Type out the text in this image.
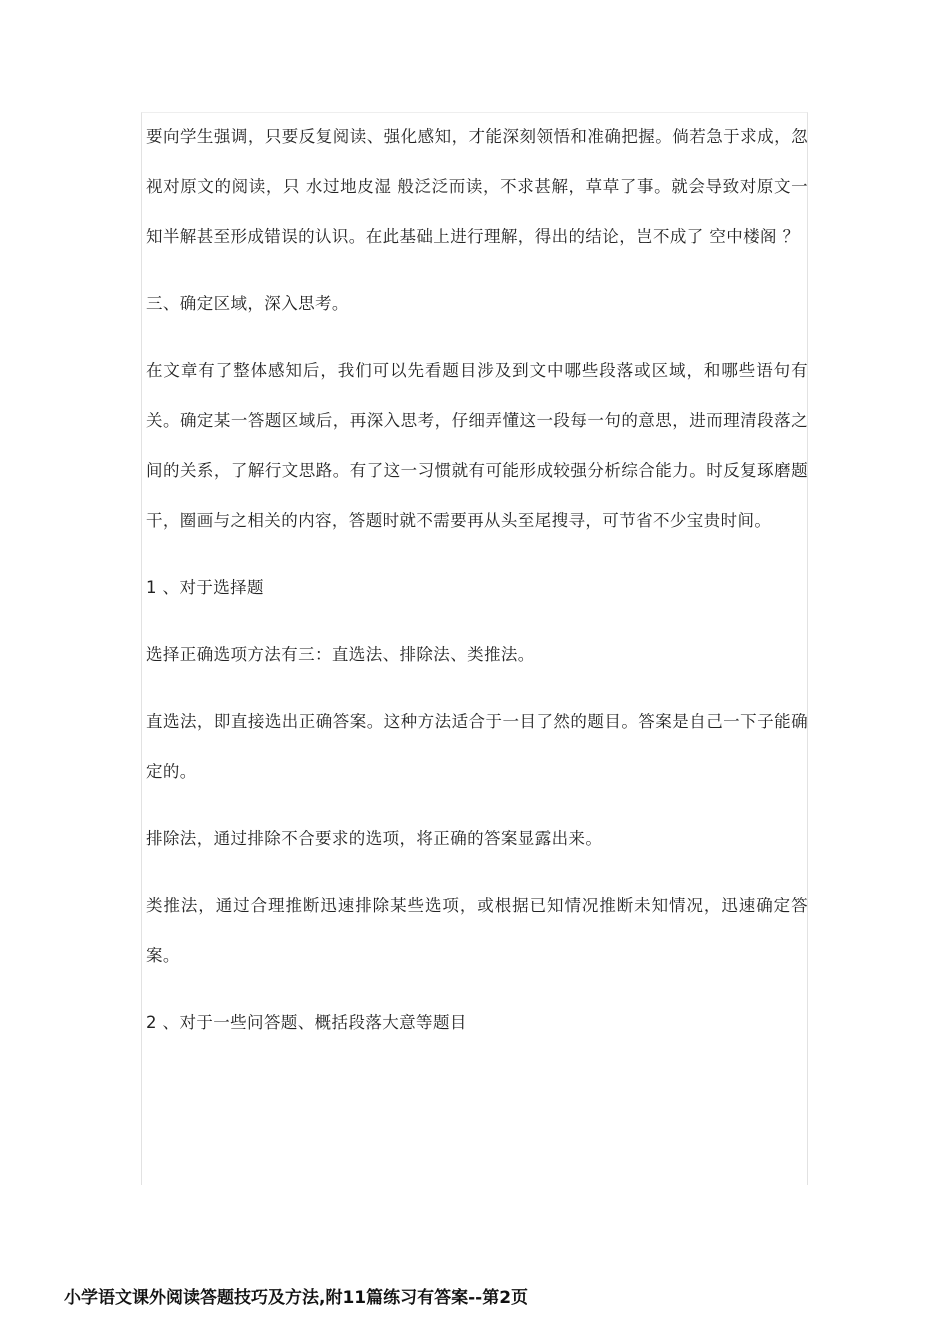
要向学生强调，只要反复阅读、强化感知，才能深刻领悟和准确把握。倘若急于求成，忽视对原文的阅读，只 水过地皮湿 般泛泛而读，不求甚解，草草了事。就会导致对原文一知半解甚至形成错误的认识。在此基础上进行理解，得出的结论，岂不成了 空中楼阁 ？

三、确定区域，深入思考。

在文章有了整体感知后，我们可以先看题目涉及到文中哪些段落或区域，和哪些语句有关。确定某一答题区域后，再深入思考，仔细弄懂这一段每一句的意思，进而理清段落之间的关系，了解行文思路。有了这一习惯就有可能形成较强分析综合能力。时反复琢磨题干，圈画与之相关的内容，答题时就不需要再从头至尾搜寻，可节省不少宝贵时间。

1 、对于选择题

选择正确选项方法有三：直选法、排除法、类推法。

直选法，即直接选出正确答案。这种方法适合于一目了然的题目。答案是自己一下子能确定的。

排除法，通过排除不合要求的选项，将正确的答案显露出来。

类推法，通过合理推断迅速排除某些选项，或根据已知情况推断未知情况，迅速确定答案。

2 、对于一些问答题、概括段落大意等题目

小学语文课外阅读答题技巧及方法,附11篇练习有答案--第2页
